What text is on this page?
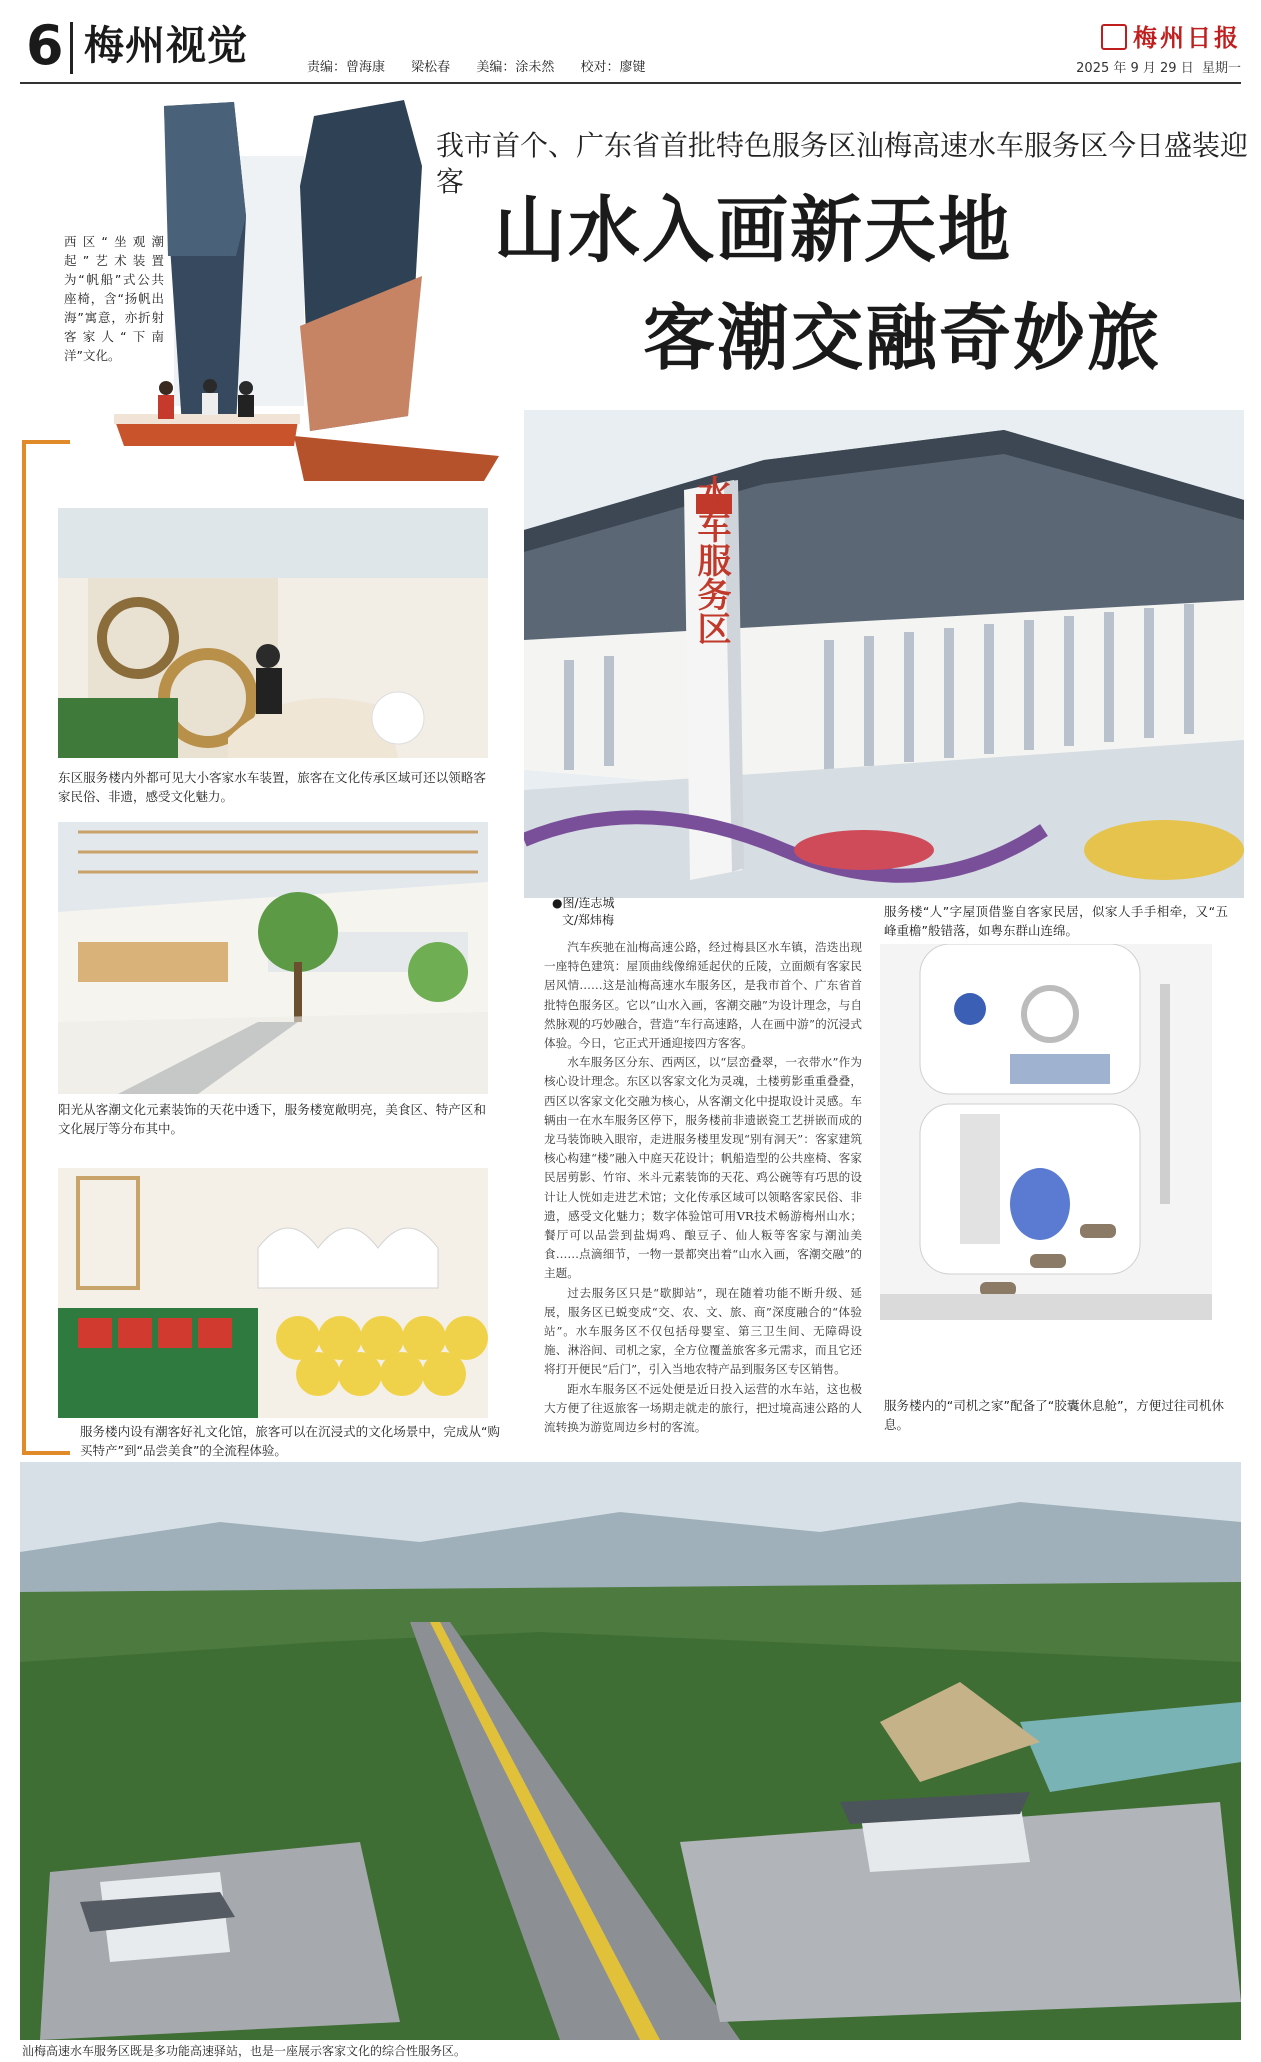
6 梅州视觉	责编：曾海康 梁松春 美编：涂未然 校对：廖键
梅州日报
2025 年 9 月 29 日 星期一
西区“坐观潮起”艺术装置为“帆船”式公共座椅，含“扬帆出海”寓意，亦折射客家人“下南洋”文化。
我市首个、广东省首批特色服务区汕梅高速水车服务区今日盛装迎客
山水入画新天地
客潮交融奇妙旅
水车服务区
服务楼“人”字屋顶借鉴自客家民居，似家人手手相牵，又“五峰重檐”般错落，如粤东群山连绵。
东区服务楼内外都可见大小客家水车装置，旅客在文化传承区域可还以领略客家民俗、非遗，感受文化魅力。
阳光从客潮文化元素装饰的天花中透下，服务楼宽敞明亮，美食区、特产区和文化展厅等分布其中。
服务楼内设有潮客好礼文化馆，旅客可以在沉浸式的文化场景中，完成从“购买特产”到“品尝美食”的全流程体验。
●图/连志城
文/郑炜梅

汽车疾驰在汕梅高速公路，经过梅县区水车镇，浩迭出现一座特色建筑：屋顶曲线像绵延起伏的丘陵，立面颇有客家民居风情……这是汕梅高速水车服务区，是我市首个、广东省首批特色服务区。它以“山水入画，客潮交融”为设计理念，与自然脉观的巧妙融合，营造“车行高速路，人在画中游”的沉浸式体验。今日，它正式开通迎接四方客客。

水车服务区分东、西两区，以“层峦叠翠，一衣带水”作为核心设计理念。东区以客家文化为灵魂，土楼剪影重重叠叠，西区以客家文化交融为核心，从客潮文化中提取设计灵感。车辆由一在水车服务区停下，服务楼前非遗嵌瓷工艺拼嵌而成的龙马装饰映入眼帘，走进服务楼里发现“别有洞天”：客家建筑核心构建“楼”融入中庭天花设计；帆船造型的公共座椅、客家民居剪影、竹帘、米斗元素装饰的天花、鸡公碗等有巧思的设计让人恍如走进艺术馆；文化传承区域可以领略客家民俗、非遗，感受文化魅力；数字体验馆可用VR技术畅游梅州山水；餐厅可以品尝到盐焗鸡、酿豆子、仙人粄等客家与潮汕美食……点滴细节，一物一景都突出着“山水入画，客潮交融”的主题。

过去服务区只是“歇脚站”，现在随着功能不断升级、延展，服务区已蜕变成“交、农、文、旅、商”深度融合的“体验站”。水车服务区不仅包括母婴室、第三卫生间、无障碍设施、淋浴间、司机之家，全方位覆盖旅客多元需求，而且它还将打开便民“后门”，引入当地农特产品到服务区专区销售。

距水车服务区不远处便是近日投入运营的水车站，这也极大方便了往返旅客一场期走就走的旅行，把过境高速公路的人流转换为游览周边乡村的客流。

服务楼内的“司机之家”配备了“胶囊休息舱”，方便过往司机休息。
汕梅高速水车服务区既是多功能高速驿站，也是一座展示客家文化的综合性服务区。
